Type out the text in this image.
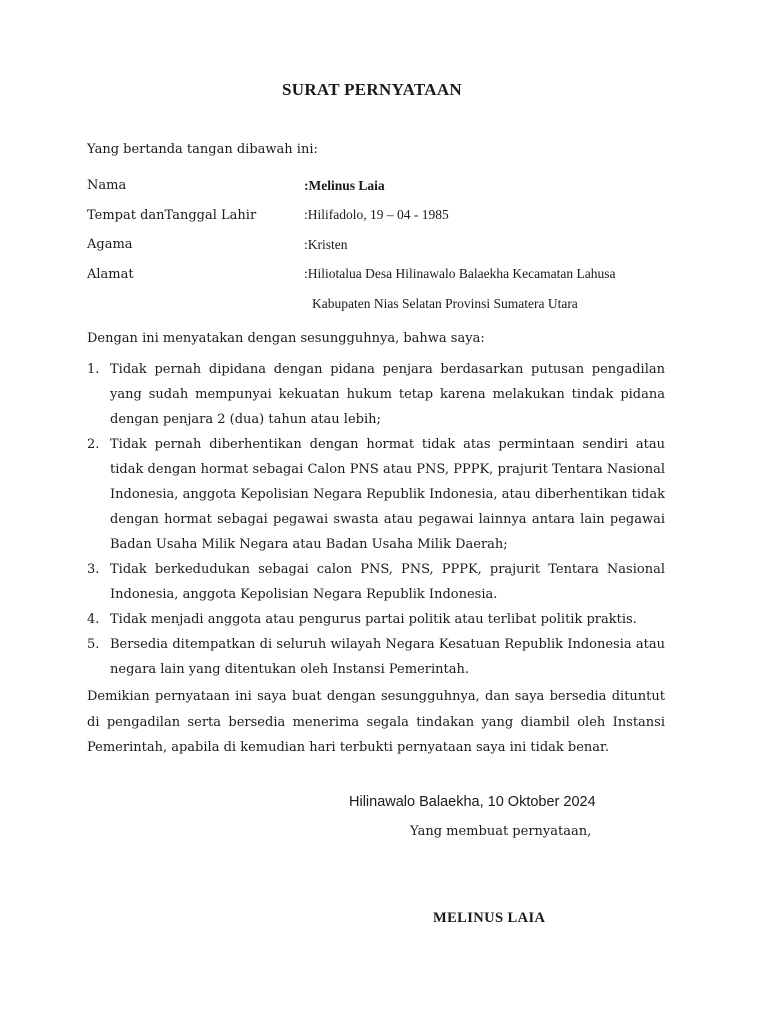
SURAT PERNYATAAN
Yang bertanda tangan dibawah ini:
Nama	:Melinus Laia
Tempat danTanggal Lahir	:Hilifadolo, 19 – 04 - 1985
Agama	:Kristen
Alamat	:Hiliotalua Desa Hilinawalo Balaekha Kecamatan Lahusa
Kabupaten Nias Selatan Provinsi Sumatera Utara
Dengan ini menyatakan dengan sesungguhnya, bahwa saya:
1. Tidak pernah dipidana dengan pidana penjara berdasarkan putusan pengadilan yang sudah mempunyai kekuatan hukum tetap karena melakukan tindak pidana dengan penjara 2 (dua) tahun atau lebih;
2. Tidak pernah diberhentikan dengan hormat tidak atas permintaan sendiri atau tidak dengan hormat sebagai Calon PNS atau PNS, PPPK, prajurit Tentara Nasional Indonesia, anggota Kepolisian Negara Republik Indonesia, atau diberhentikan tidak dengan hormat sebagai pegawai swasta atau pegawai lainnya antara lain pegawai Badan Usaha Milik Negara atau Badan Usaha Milik Daerah;
3. Tidak berkedudukan sebagai calon PNS, PNS, PPPK, prajurit Tentara Nasional Indonesia, anggota Kepolisian Negara Republik Indonesia.
4. Tidak menjadi anggota atau pengurus partai politik atau terlibat politik praktis.
5. Bersedia ditempatkan di seluruh wilayah Negara Kesatuan Republik Indonesia atau negara lain yang ditentukan oleh Instansi Pemerintah.
Demikian pernyataan ini saya buat dengan sesungguhnya, dan saya bersedia dituntut di pengadilan serta bersedia menerima segala tindakan yang diambil oleh Instansi Pemerintah, apabila di kemudian hari terbukti pernyataan saya ini tidak benar.
Hilinawalo Balaekha, 10 Oktober 2024
Yang membuat pernyataan,
MELINUS LAIA
